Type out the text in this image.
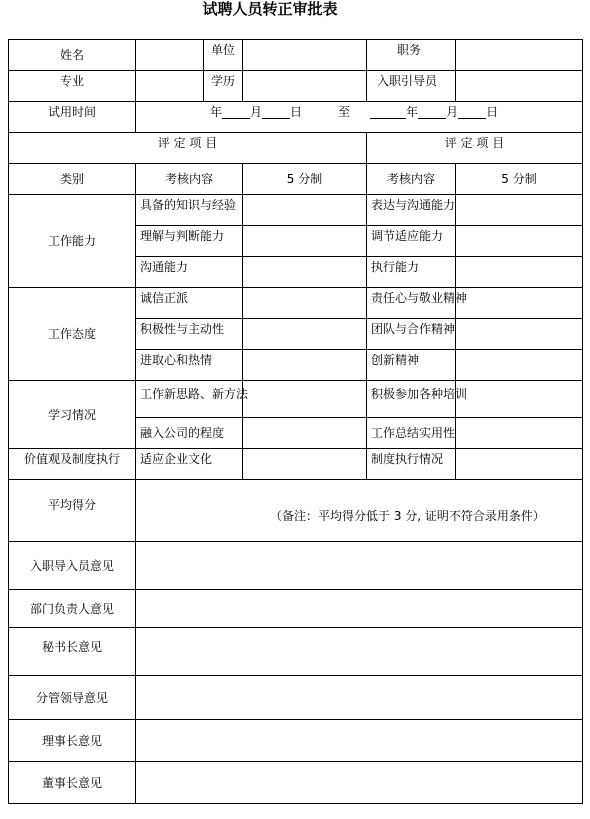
试聘人员转正审批表
姓名		单位		职务	
专业		学历		入职引导员	
试用时间	年 月 日 至 年 月 日				
评 定 项 目				评 定 项 目	
类别	考核内容		5 分制	考核内容	5 分制
工作能力	具备的知识与经验			表达与沟通能力	
	理解与判断能力			调节适应能力	
	沟通能力			执行能力	
工作态度	诚信正派			责任心与敬业精神	
	积极性与主动性			团队与合作精神	
	进取心和热情			创新精神	
学习情况	工作新思路、新方法			积极参加各种培训	
	融入公司的程度			工作总结实用性	
价值观及制度执行	适应企业文化			制度执行情况	
平均得分	（备注：平均得分低于 3 分, 证明不符合录用条件）				

入职导入员意见					
部门负责人意见					
秘书长意见					
分管领导意见					
理事长意见					
董事长意见					
